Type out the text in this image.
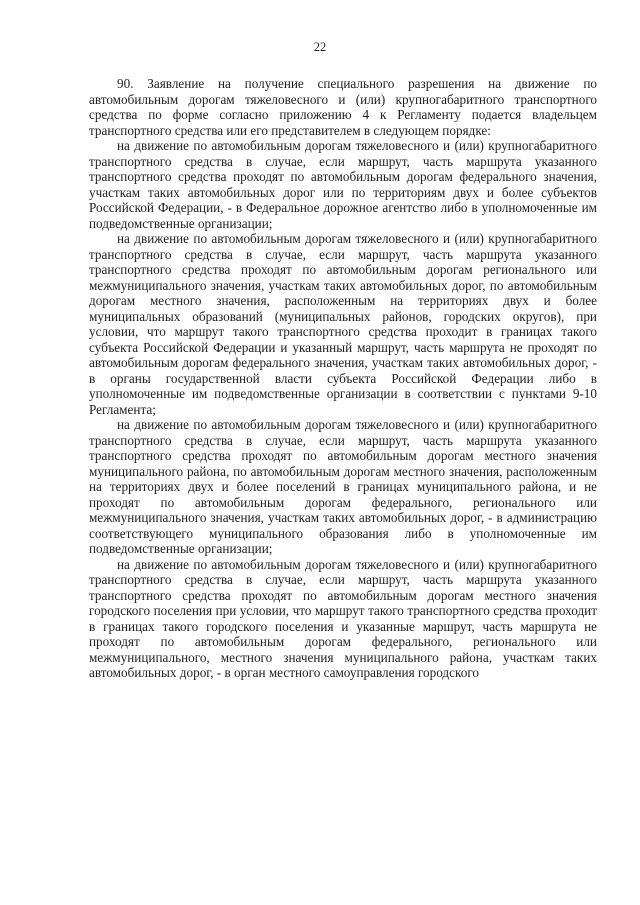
22

90. Заявление на получение специального разрешения на движение по автомобильным дорогам тяжеловесного и (или) крупногабаритного транспортного средства по форме согласно приложению 4 к Регламенту подается владельцем транспортного средства или его представителем в следующем порядке:

на движение по автомобильным дорогам тяжеловесного и (или) крупногабаритного транспортного средства в случае, если маршрут, часть маршрута указанного транспортного средства проходят по автомобильным дорогам федерального значения, участкам таких автомобильных дорог или по территориям двух и более субъектов Российской Федерации, - в Федеральное дорожное агентство либо в уполномоченные им подведомственные организации;

на движение по автомобильным дорогам тяжеловесного и (или) крупногабаритного транспортного средства в случае, если маршрут, часть маршрута указанного транспортного средства проходят по автомобильным дорогам регионального или межмуниципального значения, участкам таких автомобильных дорог, по автомобильным дорогам местного значения, расположенным на территориях двух и более муниципальных образований (муниципальных районов, городских округов), при условии, что маршрут такого транспортного средства проходит в границах такого субъекта Российской Федерации и указанный маршрут, часть маршрута не проходят по автомобильным дорогам федерального значения, участкам таких автомобильных дорог, - в органы государственной власти субъекта Российской Федерации либо в уполномоченные им подведомственные организации в соответствии с пунктами 9-10 Регламента;

на движение по автомобильным дорогам тяжеловесного и (или) крупногабаритного транспортного средства в случае, если маршрут, часть маршрута указанного транспортного средства проходят по автомобильным дорогам местного значения муниципального района, по автомобильным дорогам местного значения, расположенным на территориях двух и более поселений в границах муниципального района, и не проходят по автомобильным дорогам федерального, регионального или межмуниципального значения, участкам таких автомобильных дорог, - в администрацию соответствующего муниципального образования либо в уполномоченные им подведомственные организации;

на движение по автомобильным дорогам тяжеловесного и (или) крупногабаритного транспортного средства в случае, если маршрут, часть маршрута указанного транспортного средства проходят по автомобильным дорогам местного значения городского поселения при условии, что маршрут такого транспортного средства проходит в границах такого городского поселения и указанные маршрут, часть маршрута не проходят по автомобильным дорогам федерального, регионального или межмуниципального, местного значения муниципального района, участкам таких автомобильных дорог, - в орган местного самоуправления городского
